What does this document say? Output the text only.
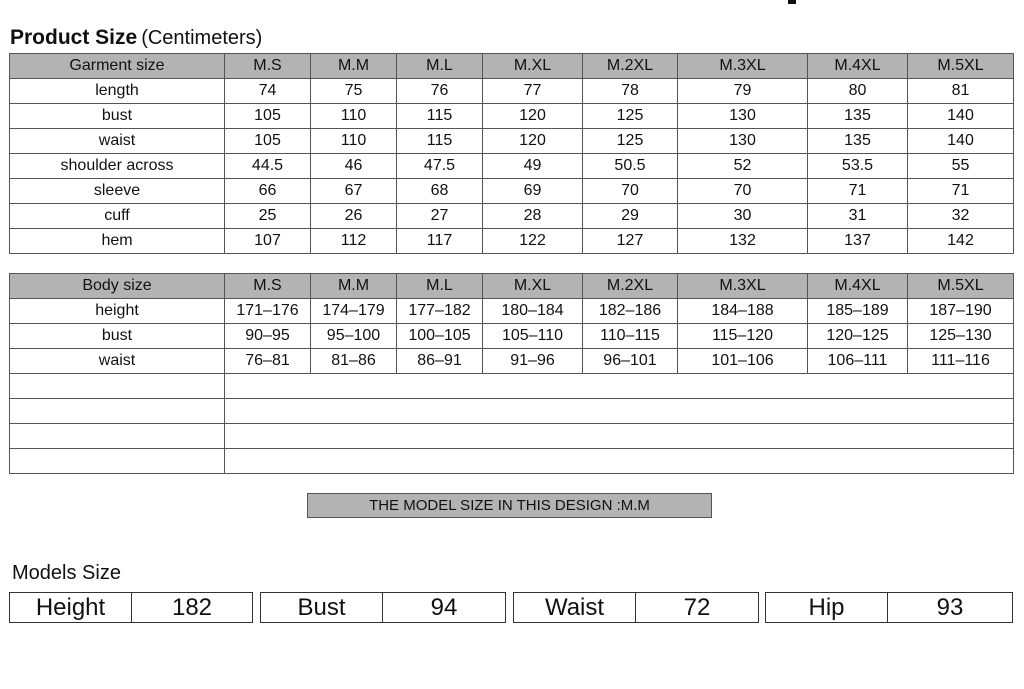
Product Size (Centimeters)
Garment size	M.S	M.M	M.L	M.XL	M.2XL	M.3XL	M.4XL	M.5XL
length	74	75	76	77	78	79	80	81
bust	105	110	115	120	125	130	135	140
waist	105	110	115	120	125	130	135	140
shoulder across	44.5	46	47.5	49	50.5	52	53.5	55
sleeve	66	67	68	69	70	70	71	71
cuff	25	26	27	28	29	30	31	32
hem	107	112	117	122	127	132	137	142
Body size	M.S	M.M	M.L	M.XL	M.2XL	M.3XL	M.4XL	M.5XL
height	171–176	174–179	177–182	180–184	182–186	184–188	185–189	187–190
bust	90–95	95–100	100–105	105–110	110–115	115–120	120–125	125–130
waist	76–81	81–86	86–91	91–96	96–101	101–106	106–111	111–116

THE MODEL SIZE IN THIS DESIGN :M.M
Models Size
Height	182	Bust	94	Waist	72	Hip	93
